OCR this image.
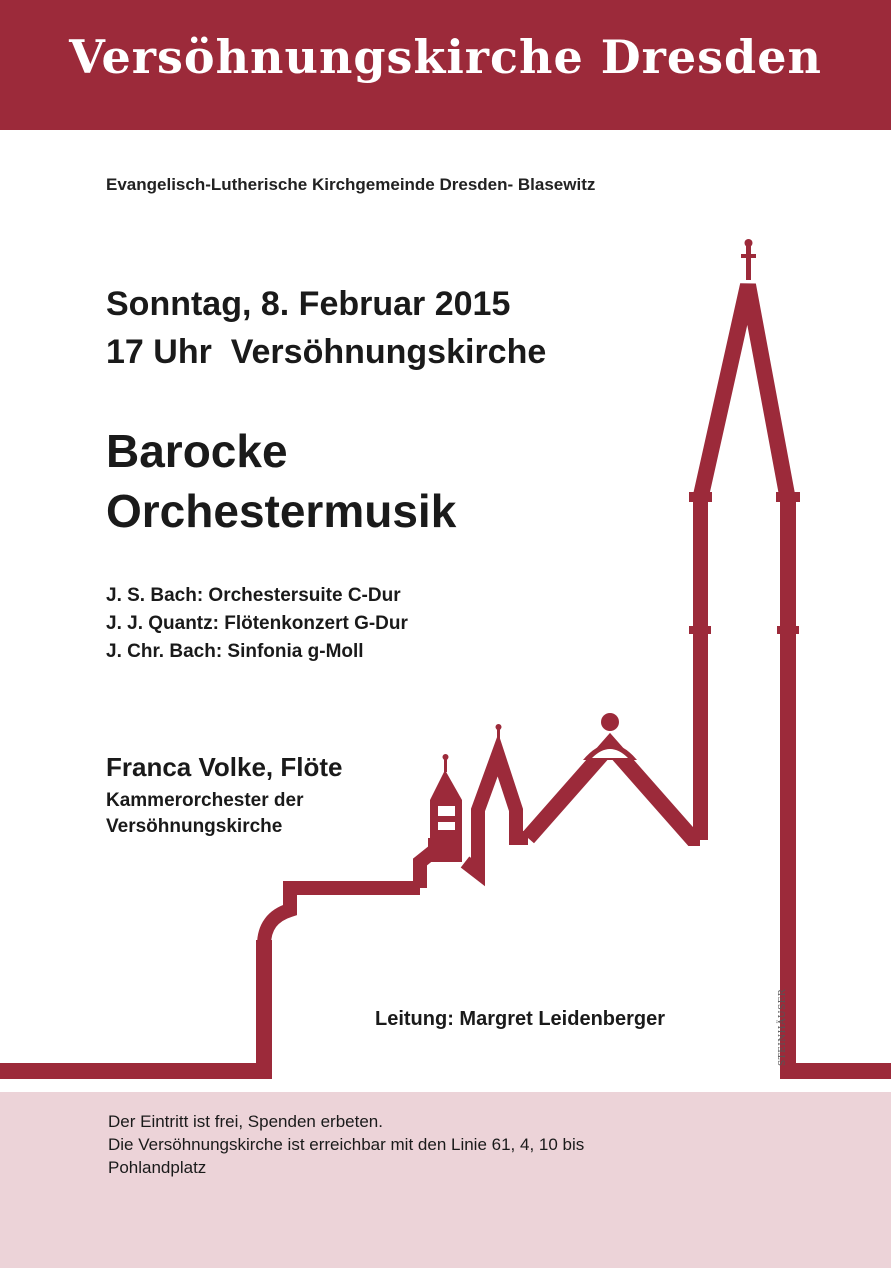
Versöhnungskirche Dresden
Evangelisch-Lutherische Kirchgemeinde Dresden- Blasewitz
Sonntag, 8. Februar 2015
17 Uhr  Versöhnungskirche
Barocke
Orchestermusik
J. S. Bach: Orchestersuite C-Dur
J. J. Quantz: Flötenkonzert G-Dur
J. Chr. Bach: Sinfonia g-Moll
Franca Volke, Flöte
Kammerorchester der
Versöhnungskirche
Leitung: Margret Leidenberger	STEINHÄUSER
Der Eintritt ist frei, Spenden erbeten.
Die Versöhnungskirche ist erreichbar mit den Linie 61, 4, 10 bis
Pohlandplatz
